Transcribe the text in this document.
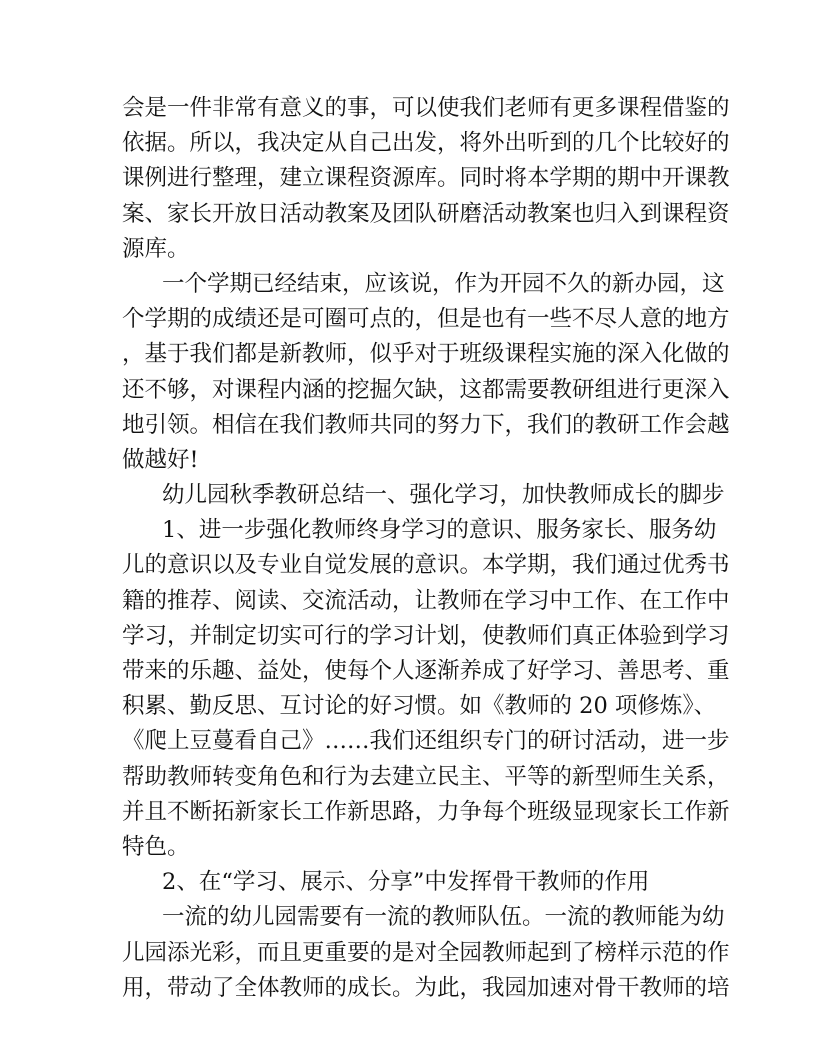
会是一件非常有意义的事，可以使我们老师有更多课程借鉴的
依据。所以，我决定从自己出发，将外出听到的几个比较好的
课例进行整理，建立课程资源库。同时将本学期的期中开课教
案、家长开放日活动教案及团队研磨活动教案也归入到课程资
源库。
一个学期已经结束，应该说，作为开园不久的新办园，这
个学期的成绩还是可圈可点的，但是也有一些不尽人意的地方
，基于我们都是新教师，似乎对于班级课程实施的深入化做的
还不够，对课程内涵的挖掘欠缺，这都需要教研组进行更深入
地引领。相信在我们教师共同的努力下，我们的教研工作会越
做越好!
幼儿园秋季教研总结一、强化学习，加快教师成长的脚步
1、进一步强化教师终身学习的意识、服务家长、服务幼
儿的意识以及专业自觉发展的意识。本学期，我们通过优秀书
籍的推荐、阅读、交流活动，让教师在学习中工作、在工作中
学习，并制定切实可行的学习计划，使教师们真正体验到学习
带来的乐趣、益处，使每个人逐渐养成了好学习、善思考、重
积累、勤反思、互讨论的好习惯。如《教师的 20 项修炼》、
《爬上豆蔓看自己》……我们还组织专门的研讨活动，进一步
帮助教师转变角色和行为去建立民主、平等的新型师生关系，
并且不断拓新家长工作新思路，力争每个班级显现家长工作新
特色。
2、在“学习、展示、分享”中发挥骨干教师的作用
一流的幼儿园需要有一流的教师队伍。一流的教师能为幼
儿园添光彩，而且更重要的是对全园教师起到了榜样示范的作
用，带动了全体教师的成长。为此，我园加速对骨干教师的培
